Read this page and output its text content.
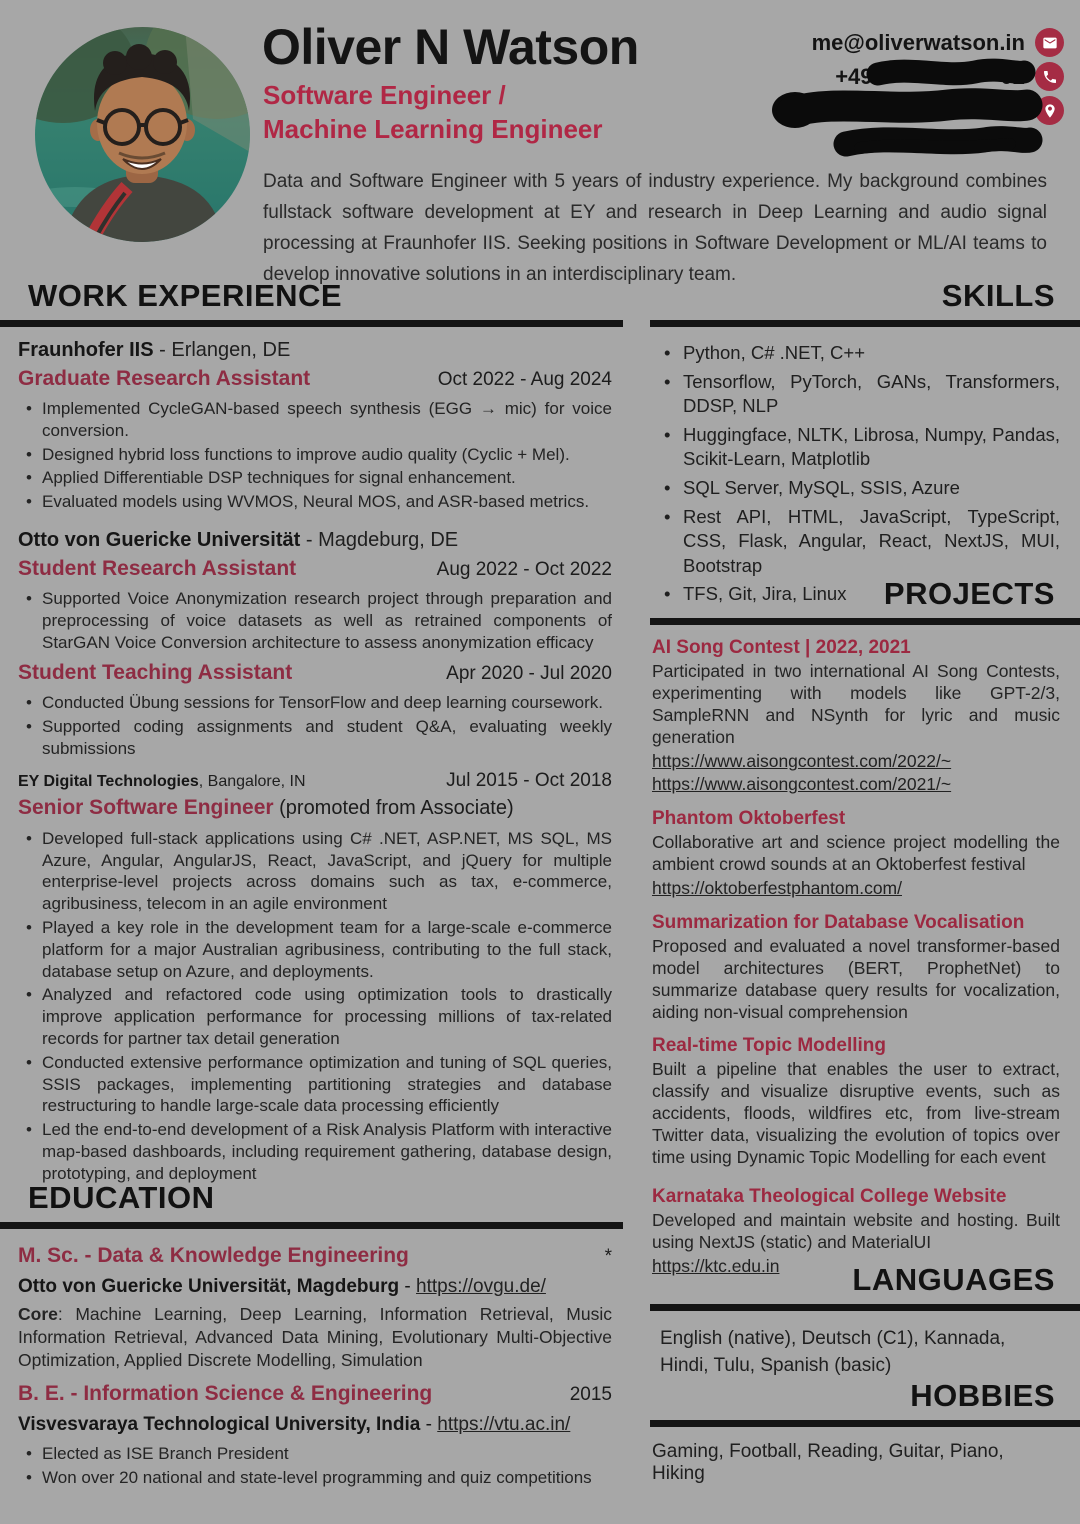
Oliver N Watson
Software Engineer /
Machine Learning Engineer

Data and Software Engineer with 5 years of industry experience. My background combines fullstack software development at EY and research in Deep Learning and audio signal processing at Fraunhofer IIS. Seeking positions in Software Development or ML/AI teams to develop innovative solutions in an interdisciplinary team.

me@oliverwatson.in
+49	02
WORK EXPERIENCE
Fraunhofer IIS - Erlangen, DE
Graduate Research Assistant	Oct 2022 - Aug 2024
• Implemented CycleGAN-based speech synthesis (EGG → mic) for voice conversion.
• Designed hybrid loss functions to improve audio quality (Cyclic + Mel).
• Applied Differentiable DSP techniques for signal enhancement.
• Evaluated models using WVMOS, Neural MOS, and ASR-based metrics.
Otto von Guericke Universität - Magdeburg, DE
Student Research Assistant	Aug 2022 - Oct 2022
• Supported Voice Anonymization research project through preparation and preprocessing of voice datasets as well as retrained components of StarGAN Voice Conversion architecture to assess anonymization efficacy
Student Teaching Assistant	Apr 2020 - Jul 2020
• Conducted Übung sessions for TensorFlow and deep learning coursework.
• Supported coding assignments and student Q&A, evaluating weekly submissions
EY Digital Technologies, Bangalore, IN	Jul 2015 - Oct 2018
Senior Software Engineer (promoted from Associate)
• Developed full-stack applications using C# .NET, ASP.NET, MS SQL, MS Azure, Angular, AngularJS, React, JavaScript, and jQuery for multiple enterprise-level projects across domains such as tax, e-commerce, agribusiness, telecom in an agile environment
• Played a key role in the development team for a large-scale e-commerce platform for a major Australian agribusiness, contributing to the full stack, database setup on Azure, and deployments.
• Analyzed and refactored code using optimization tools to drastically improve application performance for processing millions of tax-related records for partner tax detail generation
• Conducted extensive performance optimization and tuning of SQL queries, SSIS packages, implementing partitioning strategies and database restructuring to handle large-scale data processing efficiently
• Led the end-to-end development of a Risk Analysis Platform with interactive map-based dashboards, including requirement gathering, database design, prototyping, and deployment
EDUCATION
M. Sc. - Data & Knowledge Engineering	*
Otto von Guericke Universität, Magdeburg - https://ovgu.de/

Core: Machine Learning, Deep Learning, Information Retrieval, Music Information Retrieval, Advanced Data Mining, Evolutionary Multi-Objective Optimization, Applied Discrete Modelling, Simulation

B. E. - Information Science & Engineering	2015
Visvesvaraya Technological University, India - https://vtu.ac.in/
• Elected as ISE Branch President
• Won over 20 national and state-level programming and quiz competitions
SKILLS
• Python, C# .NET, C++
• Tensorflow, PyTorch, GANs, Transformers, DDSP, NLP
• Huggingface, NLTK, Librosa, Numpy, Pandas, Scikit-Learn, Matplotlib
• SQL Server, MySQL, SSIS, Azure
• Rest API, HTML, JavaScript, TypeScript, CSS, Flask, Angular, React, NextJS, MUI, Bootstrap
• TFS, Git, Jira, Linux	PROJECTS
AI Song Contest | 2022, 2021

Participated in two international AI Song Contests, experimenting with models like GPT-2/3, SampleRNN and NSynth for lyric and music generation

https://www.aisongcontest.com/2022/~
https://www.aisongcontest.com/2021/~
Phantom Oktoberfest

Collaborative art and science project modelling the ambient crowd sounds at an Oktoberfest festival

https://oktoberfestphantom.com/
Summarization for Database Vocalisation

Proposed and evaluated a novel transformer-based model architectures (BERT, ProphetNet) to summarize database query results for vocalization, aiding non-visual comprehension

Real-time Topic Modelling

Built a pipeline that enables the user to extract, classify and visualize disruptive events, such as accidents, floods, wildfires etc, from live-stream Twitter data, visualizing the evolution of topics over time using Dynamic Topic Modelling for each event

Karnataka Theological College Website

Developed and maintain website and hosting. Built using NextJS (static) and MaterialUI

https://ktc.edu.in	LANGUAGES
English (native), Deutsch (C1), Kannada,
Hindi, Tulu, Spanish (basic)
HOBBIES
Gaming, Football, Reading, Guitar, Piano, Hiking
